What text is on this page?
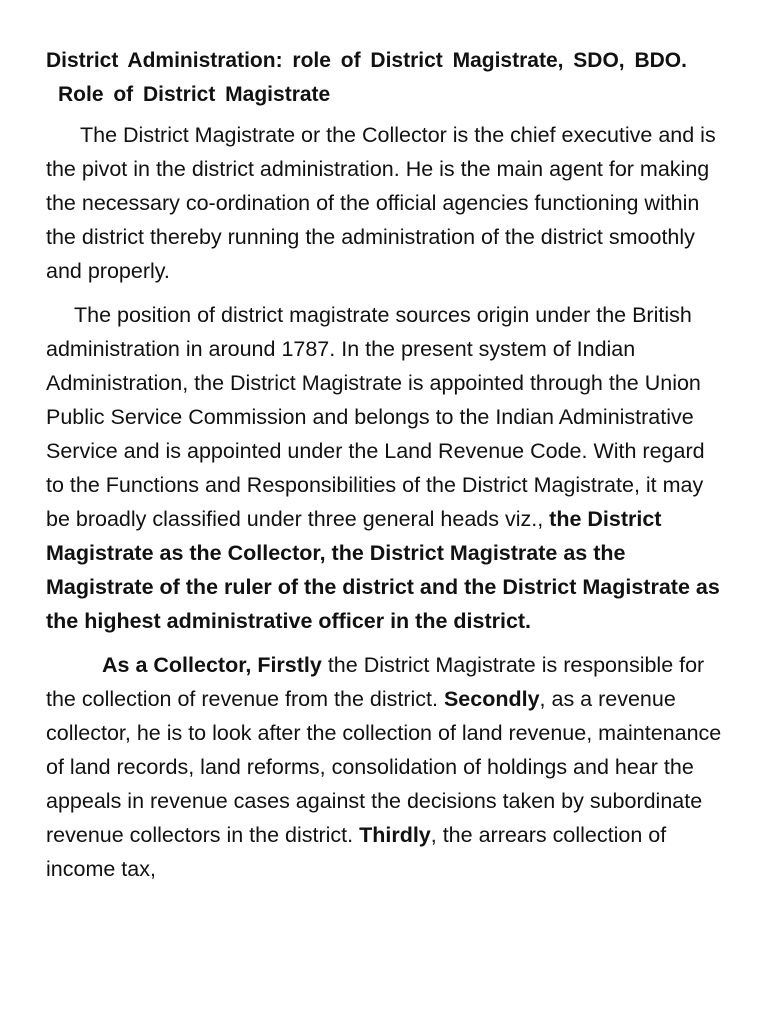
District Administration: role of District Magistrate, SDO, BDO.

Role of District Magistrate

The District Magistrate or the Collector is the chief executive and is the pivot in the district administration. He is the main agent for making the necessary co-ordination of the official agencies functioning within the district thereby running the administration of the district smoothly and properly.

The position of district magistrate sources origin under the British administration in around 1787. In the present system of Indian Administration, the District Magistrate is appointed through the Union Public Service Commission and belongs to the Indian Administrative Service and is appointed under the Land Revenue Code. With regard to the Functions and Responsibilities of the District Magistrate, it may be broadly classified under three general heads viz., the District Magistrate as the Collector, the District Magistrate as the Magistrate of the ruler of the district and the District Magistrate as the highest administrative officer in the district.

As a Collector, Firstly the District Magistrate is responsible for the collection of revenue from the district. Secondly, as a revenue collector, he is to look after the collection of land revenue, maintenance of land records, land reforms, consolidation of holdings and hear the appeals in revenue cases against the decisions taken by subordinate revenue collectors in the district. Thirdly, the arrears collection of income tax,
